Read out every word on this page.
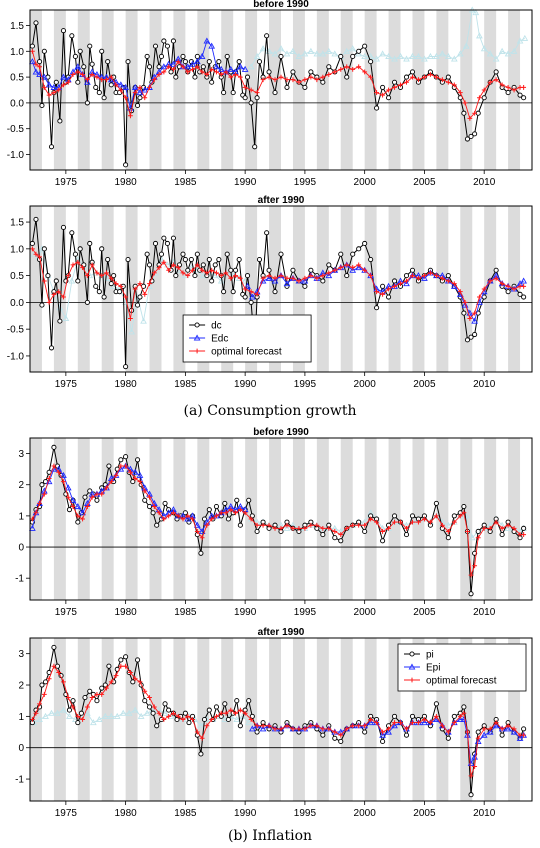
before 1990
-1.0
-0.5
0.0
0.5
1.0
1.5
1975	1980	1985	1990	1995	2000	2005	2010
after 1990
-1.0
-0.5
0.0
0.5
1.0
1.5
1975	1980	1985	1990	1995	2000	2005	2010
dc
Edc
optimal forecast
(a) Consumption growth
before 1990
-1
0
1
2
3
1975	1980	1985	1990	1995	2000	2005	2010
after 1990
-1
0
1
2
3
1975	1980	1985	1990	1995	2000	2005	2010
pi
Epi
optimal forecast
(b) Inflation
